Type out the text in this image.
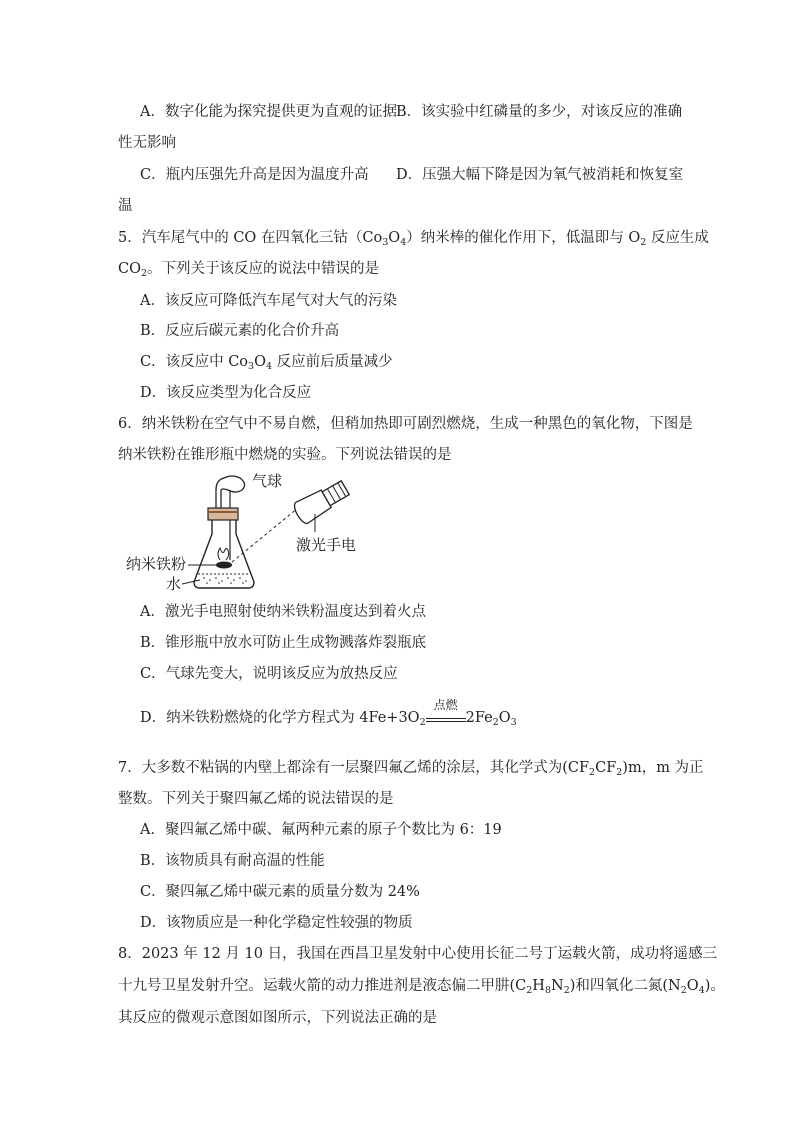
A．数字化能为探究提供更为直观的证据 B．该实验中红磷量的多少，对该反应的准确
性无影响
C．瓶内压强先升高是因为温度升高 D．压强大幅下降是因为氧气被消耗和恢复室
温
5．汽车尾气中的 CO 在四氧化三钴$(Co_3O_4)$纳米棒的催化作用下，低温即与 $O_2$ 反应生成
$CO_2$。下列关于该反应的说法中错误的是
A．该反应可降低汽车尾气对大气的污染
B．反应后碳元素的化合价升高
C．该反应中 $Co_3O_4$ 反应前后质量减少
D．该反应类型为化合反应
6．纳米铁粉在空气中不易自燃，但稍加热即可剧烈燃烧，生成一种黑色的氧化物，下图是
纳米铁粉在锥形瓶中燃烧的实验。下列说法错误的是
气球
激光手电
纳米铁粉
水
A．激光手电照射使纳米铁粉温度达到着火点
B．锥形瓶中放水可防止生成物溅落炸裂瓶底
C．气球先变大，说明该反应为放热反应
D．纳米铁粉燃烧的化学方程式为 $4Fe+3O_2$
点燃
$2Fe_2O_3$
7．大多数不粘锅的内壁上都涂有一层聚四氟乙烯的涂层，其化学式为$(CF_2CF_2)m$，m 为正
整数。下列关于聚四氟乙烯的说法错误的是
A．聚四氟乙烯中碳、氟两种元素的原子个数比为 6：19
B．该物质具有耐高温的性能
C．聚四氟乙烯中碳元素的质量分数为 24%
D．该物质应是一种化学稳定性较强的物质
8．2023 年 12 月 10 日，我国在西昌卫星发射中心使用长征二号丁运载火箭，成功将遥感三
十九号卫星发射升空。运载火箭的动力推进剂是液态偏二甲肼$(C_2H_8N_2)$和四氧化二氮$(N_2O_4)$。
其反应的微观示意图如图所示，下列说法正确的是
